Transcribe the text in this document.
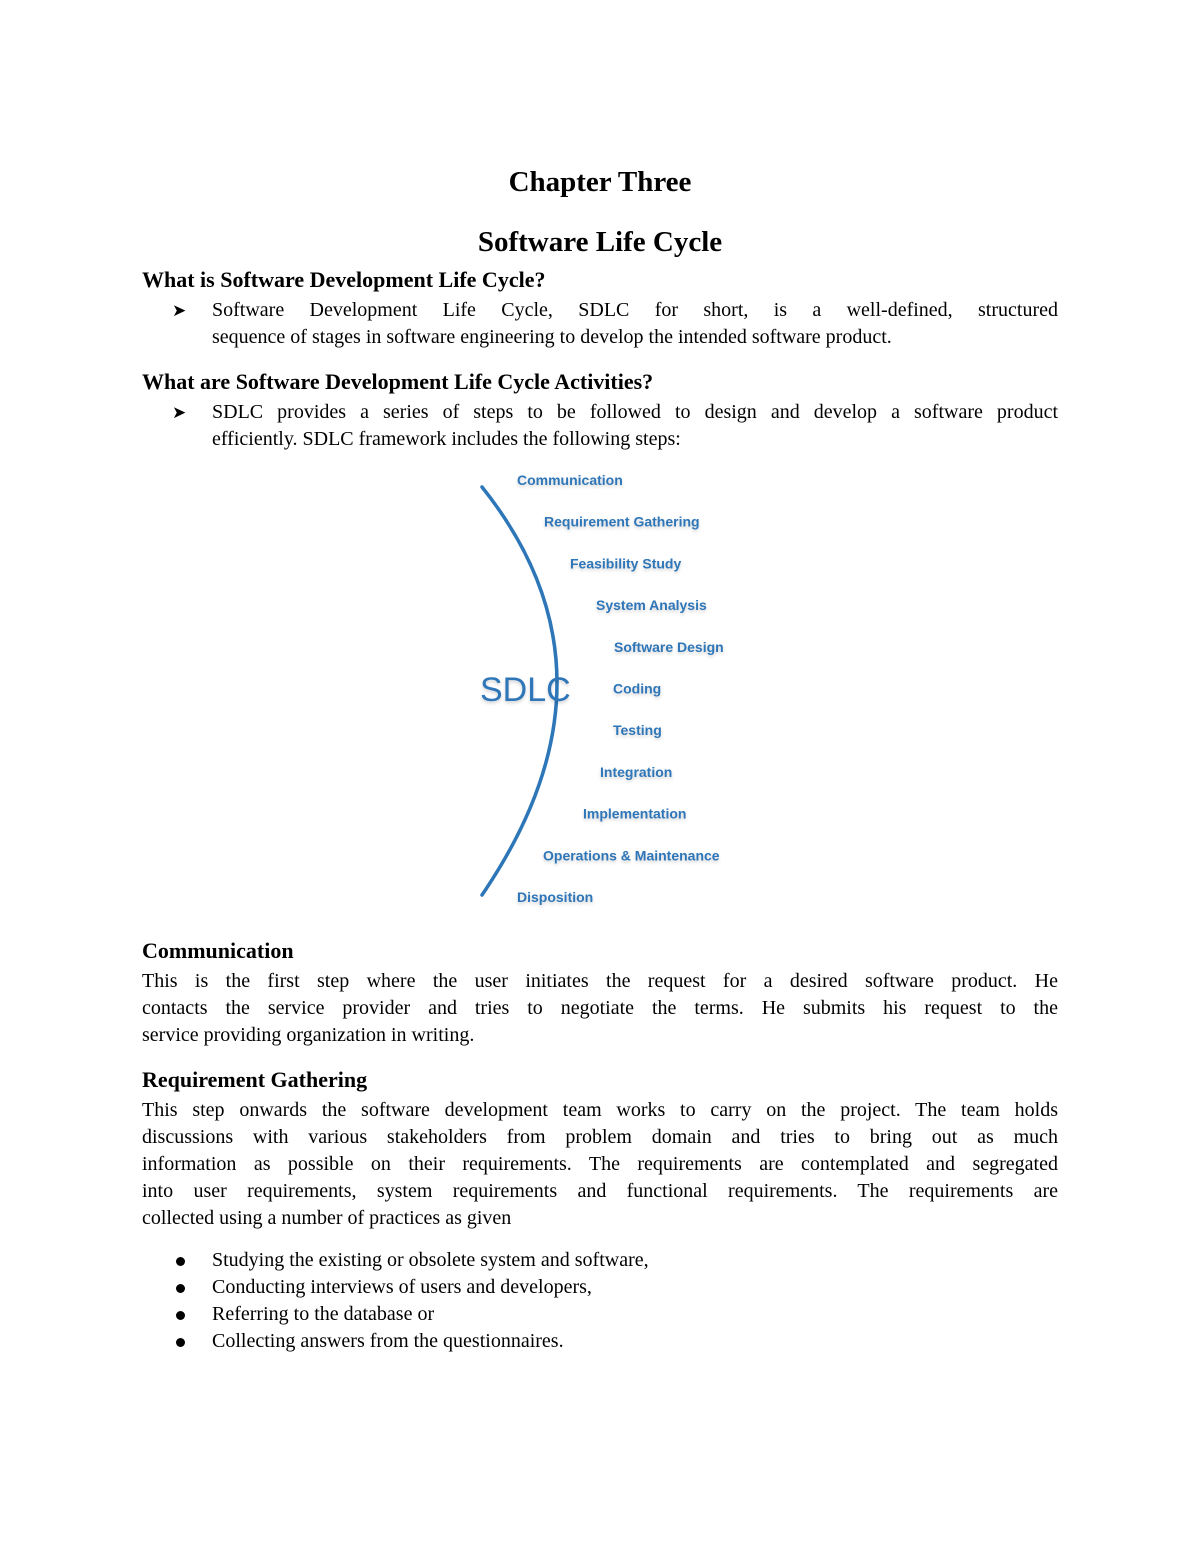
Chapter Three
Software Life Cycle
What is Software Development Life Cycle?
➤ Software Development Life Cycle, SDLC for short, is a well-defined, structured
sequence of stages in software engineering to develop the intended software product.
What are Software Development Life Cycle Activities?
➤ SDLC provides a series of steps to be followed to design and develop a software product
efficiently. SDLC framework includes the following steps:
SDLC
Communication
Requirement Gathering
Feasibility Study
System Analysis
Software Design
Coding
Testing
Integration
Implementation
Operations & Maintenance
Disposition
Communication
This is the first step where the user initiates the request for a desired software product. He
contacts the service provider and tries to negotiate the terms. He submits his request to the
service providing organization in writing.
Requirement Gathering
This step onwards the software development team works to carry on the project. The team holds
discussions with various stakeholders from problem domain and tries to bring out as much
information as possible on their requirements. The requirements are contemplated and segregated
into user requirements, system requirements and functional requirements. The requirements are
collected using a number of practices as given
Studying the existing or obsolete system and software,
Conducting interviews of users and developers,
Referring to the database or
Collecting answers from the questionnaires.
